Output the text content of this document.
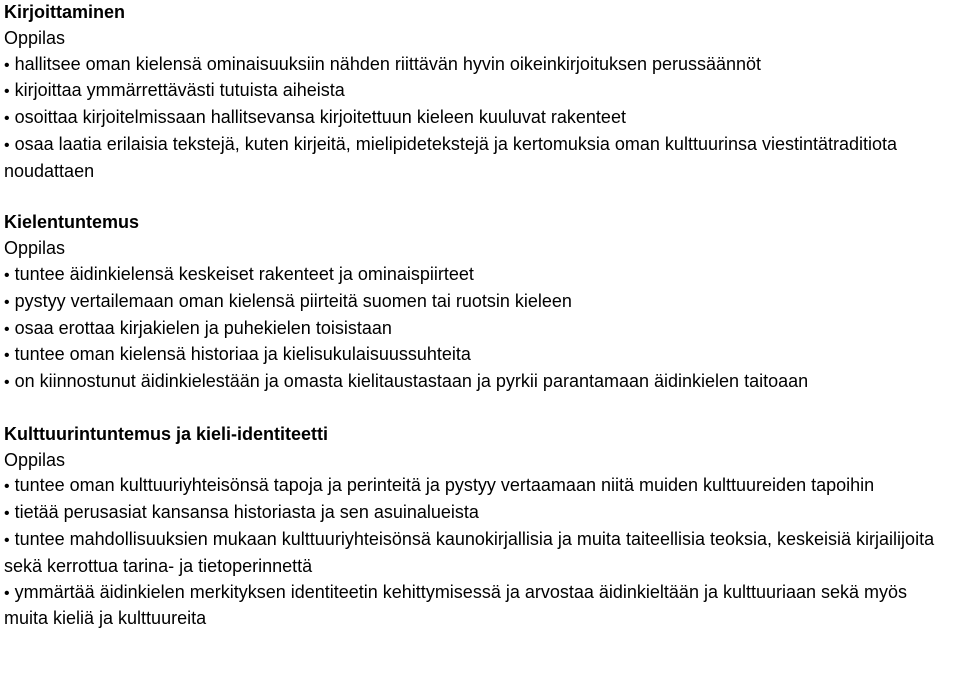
Kirjoittaminen
Oppilas
• hallitsee oman kielensä ominaisuuksiin nähden riittävän hyvin oikeinkirjoituksen perussäännöt
• kirjoittaa ymmärrettävästi tutuista aiheista
• osoittaa kirjoitelmissaan hallitsevansa kirjoitettuun kieleen kuuluvat rakenteet
• osaa laatia erilaisia tekstejä, kuten kirjeitä, mielipidetekstejä ja kertomuksia oman kulttuurinsa viestintätraditiota noudattaen
Kielentuntemus
Oppilas
• tuntee äidinkielensä keskeiset rakenteet ja ominaispiirteet
• pystyy vertailemaan oman kielensä piirteitä suomen tai ruotsin kieleen
• osaa erottaa kirjakielen ja puhekielen toisistaan
• tuntee oman kielensä historiaa ja kielisukulaisuussuhteita
• on kiinnostunut äidinkielestään ja omasta kielitaustastaan ja pyrkii parantamaan äidinkielen taitoaan
Kulttuurintuntemus ja kieli-identiteetti
Oppilas
• tuntee oman kulttuuriyhteisönsä tapoja ja perinteitä ja pystyy vertaamaan niitä muiden kulttuureiden tapoihin
• tietää perusasiat kansansa historiasta ja sen asuinalueista
• tuntee mahdollisuuksien mukaan kulttuuriyhteisönsä kaunokirjallisia ja muita taiteellisia teoksia, keskeisiä kirjailijoita sekä kerrottua tarina- ja tietoperinnettä
• ymmärtää äidinkielen merkityksen identiteetin kehittymisessä ja arvostaa äidinkieltään ja kulttuuriaan sekä myös muita kieliä ja kulttuureita
